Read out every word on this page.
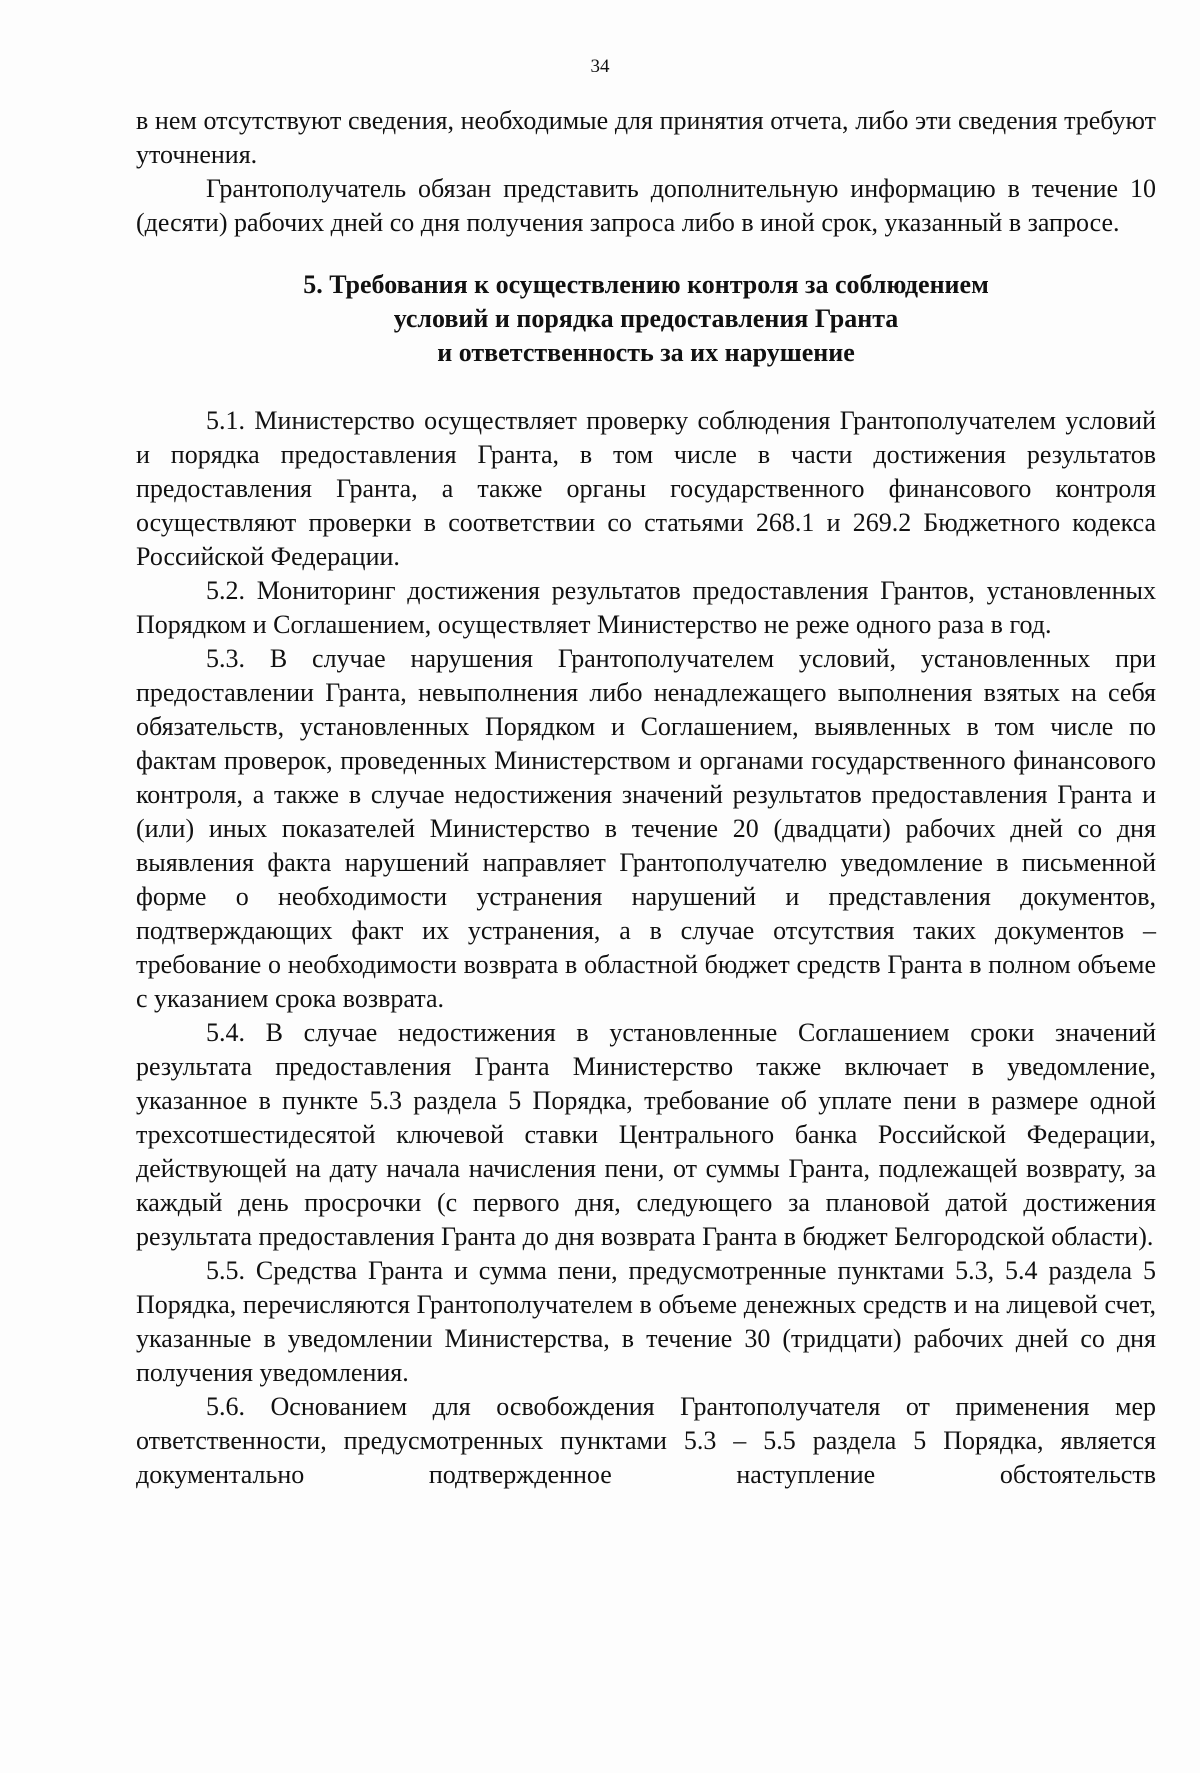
34

в нем отсутствуют сведения, необходимые для принятия отчета, либо эти сведения требуют уточнения.

Грантополучатель обязан представить дополнительную информацию в течение 10 (десяти) рабочих дней со дня получения запроса либо в иной срок, указанный в запросе.

5. Требования к осуществлению контроля за соблюдением
условий и порядка предоставления Гранта
и ответственность за их нарушение

5.1. Министерство осуществляет проверку соблюдения Грантополучателем условий и порядка предоставления Гранта, в том числе в части достижения результатов предоставления Гранта, а также органы государственного финансового контроля осуществляют проверки в соответствии со статьями 268.1 и 269.2 Бюджетного кодекса Российской Федерации.

5.2. Мониторинг достижения результатов предоставления Грантов, установленных Порядком и Соглашением, осуществляет Министерство не реже одного раза в год.

5.3. В случае нарушения Грантополучателем условий, установленных при предоставлении Гранта, невыполнения либо ненадлежащего выполнения взятых на себя обязательств, установленных Порядком и Соглашением, выявленных в том числе по фактам проверок, проведенных Министерством и органами государственного финансового контроля, а также в случае недостижения значений результатов предоставления Гранта и (или) иных показателей Министерство в течение 20 (двадцати) рабочих дней со дня выявления факта нарушений направляет Грантополучателю уведомление в письменной форме о необходимости устранения нарушений и представления документов, подтверждающих факт их устранения, а в случае отсутствия таких документов – требование о необходимости возврата в областной бюджет средств Гранта в полном объеме с указанием срока возврата.

5.4. В случае недостижения в установленные Соглашением сроки значений результата предоставления Гранта Министерство также включает в уведомление, указанное в пункте 5.3 раздела 5 Порядка, требование об уплате пени в размере одной трехсотшестидесятой ключевой ставки Центрального банка Российской Федерации, действующей на дату начала начисления пени, от суммы Гранта, подлежащей возврату, за каждый день просрочки (с первого дня, следующего за плановой датой достижения результата предоставления Гранта до дня возврата Гранта в бюджет Белгородской области).

5.5. Средства Гранта и сумма пени, предусмотренные пунктами 5.3, 5.4 раздела 5 Порядка, перечисляются Грантополучателем в объеме денежных средств и на лицевой счет, указанные в уведомлении Министерства, в течение 30 (тридцати) рабочих дней со дня получения уведомления.

5.6. Основанием для освобождения Грантополучателя от применения мер ответственности, предусмотренных пунктами 5.3 – 5.5 раздела 5 Порядка, является документально подтвержденное наступление обстоятельств
